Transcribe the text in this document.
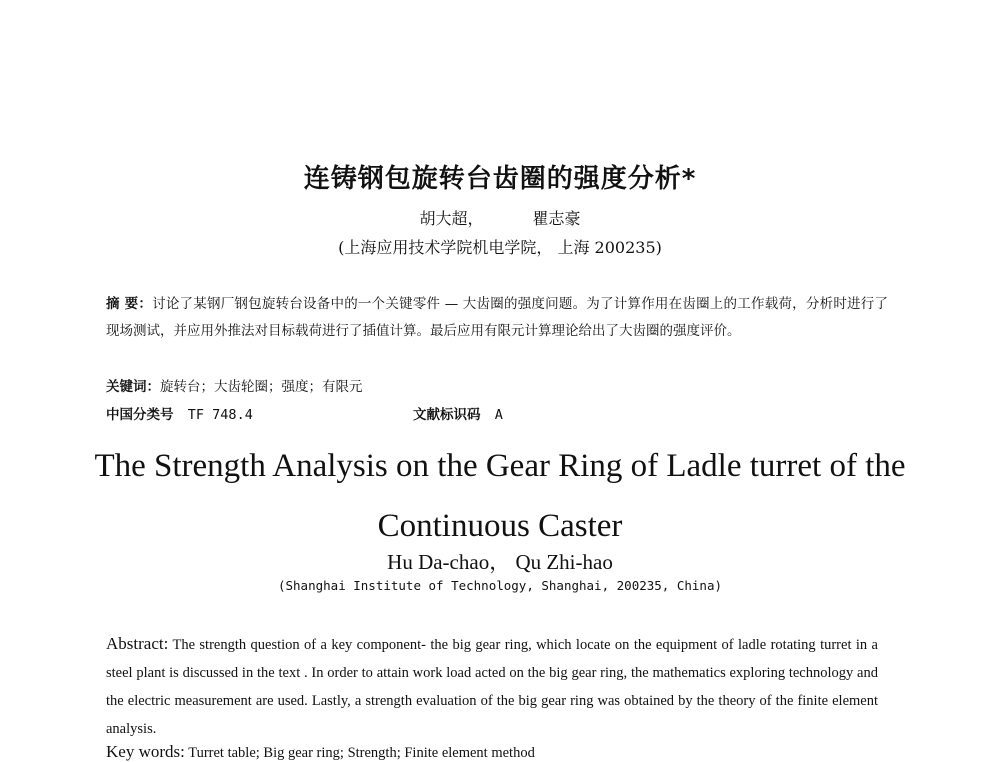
连铸钢包旋转台齿圈的强度分析*
胡大超，	瞿志豪
(上海应用技术学院机电学院， 上海 200235)
摘 要：讨论了某钢厂钢包旋转台设备中的一个关键零件 — 大齿圈的强度问题。为了计算作用在齿圈上的工作载荷，分析时进行了现场测试，并应用外推法对目标载荷进行了插值计算。最后应用有限元计算理论给出了大齿圈的强度评价。
关键词：旋转台；大齿轮圈；强度；有限元
中国分类号 TF 748.4	文献标识码 A
The Strength Analysis on the Gear Ring of Ladle turret of the Continuous Caster
Hu Da-chao， Qu Zhi-hao
(Shanghai Institute of Technology, Shanghai, 200235, China)
Abstract: The strength question of a key component- the big gear ring, which locate on the equipment of ladle rotating turret in a steel plant is discussed in the text . In order to attain work load acted on the big gear ring, the mathematics exploring technology and the electric measurement are used. Lastly, a strength evaluation of the big gear ring was obtained by the theory of the finite element analysis.
Key words: Turret table; Big gear ring; Strength; Finite element method
